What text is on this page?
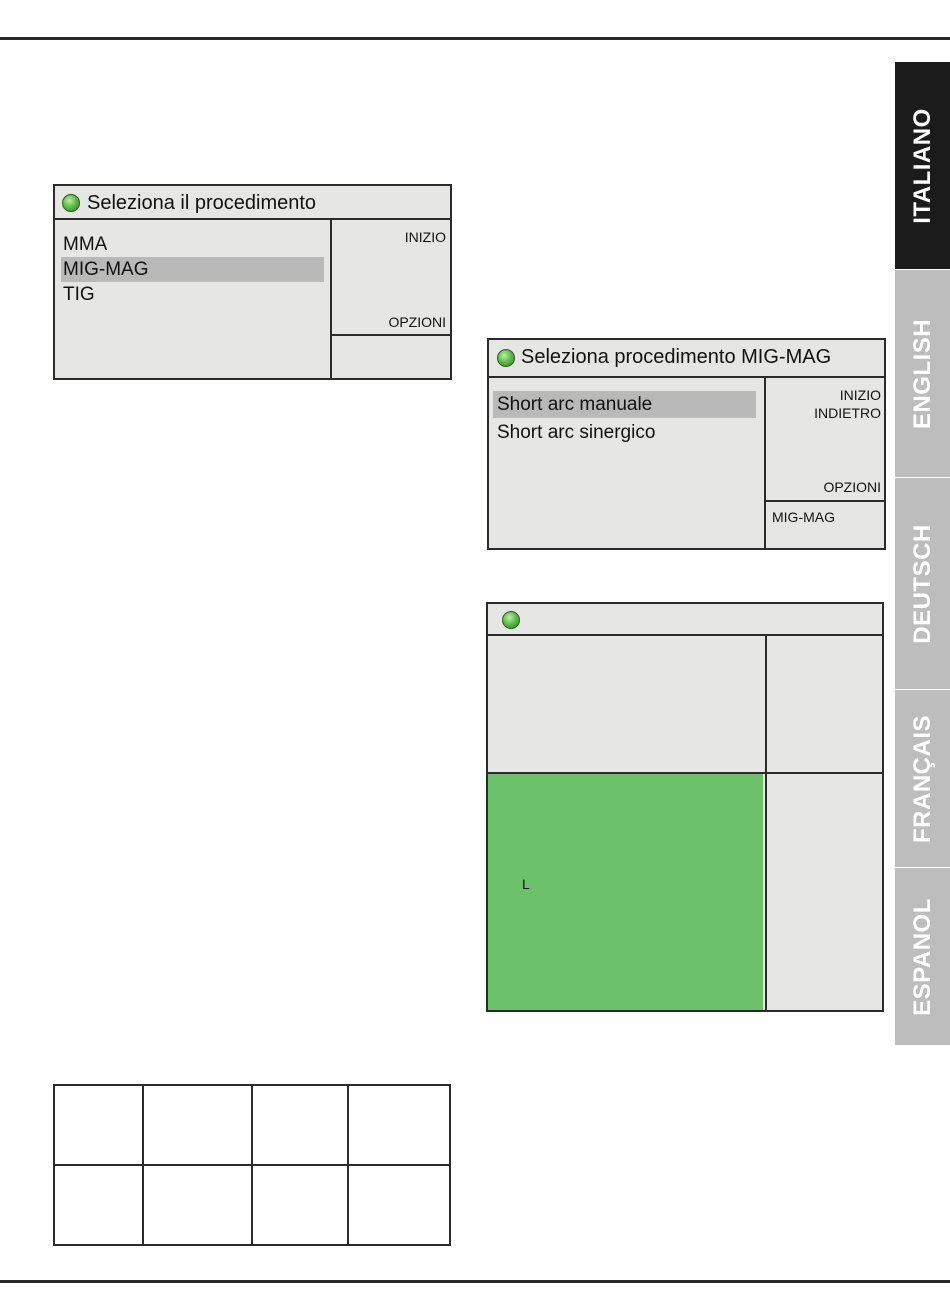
Seleziona il procedimento
MMA
MIG-MAG
TIG
INIZIO
OPZIONI
Seleziona procedimento MIG-MAG
Short arc manuale
Short arc sinergico
INIZIO
INDIETRO
OPZIONI
MIG-MAG
L

ITALIANO
ENGLISH
DEUTSCH
FRANÇAIS
ESPANOL
